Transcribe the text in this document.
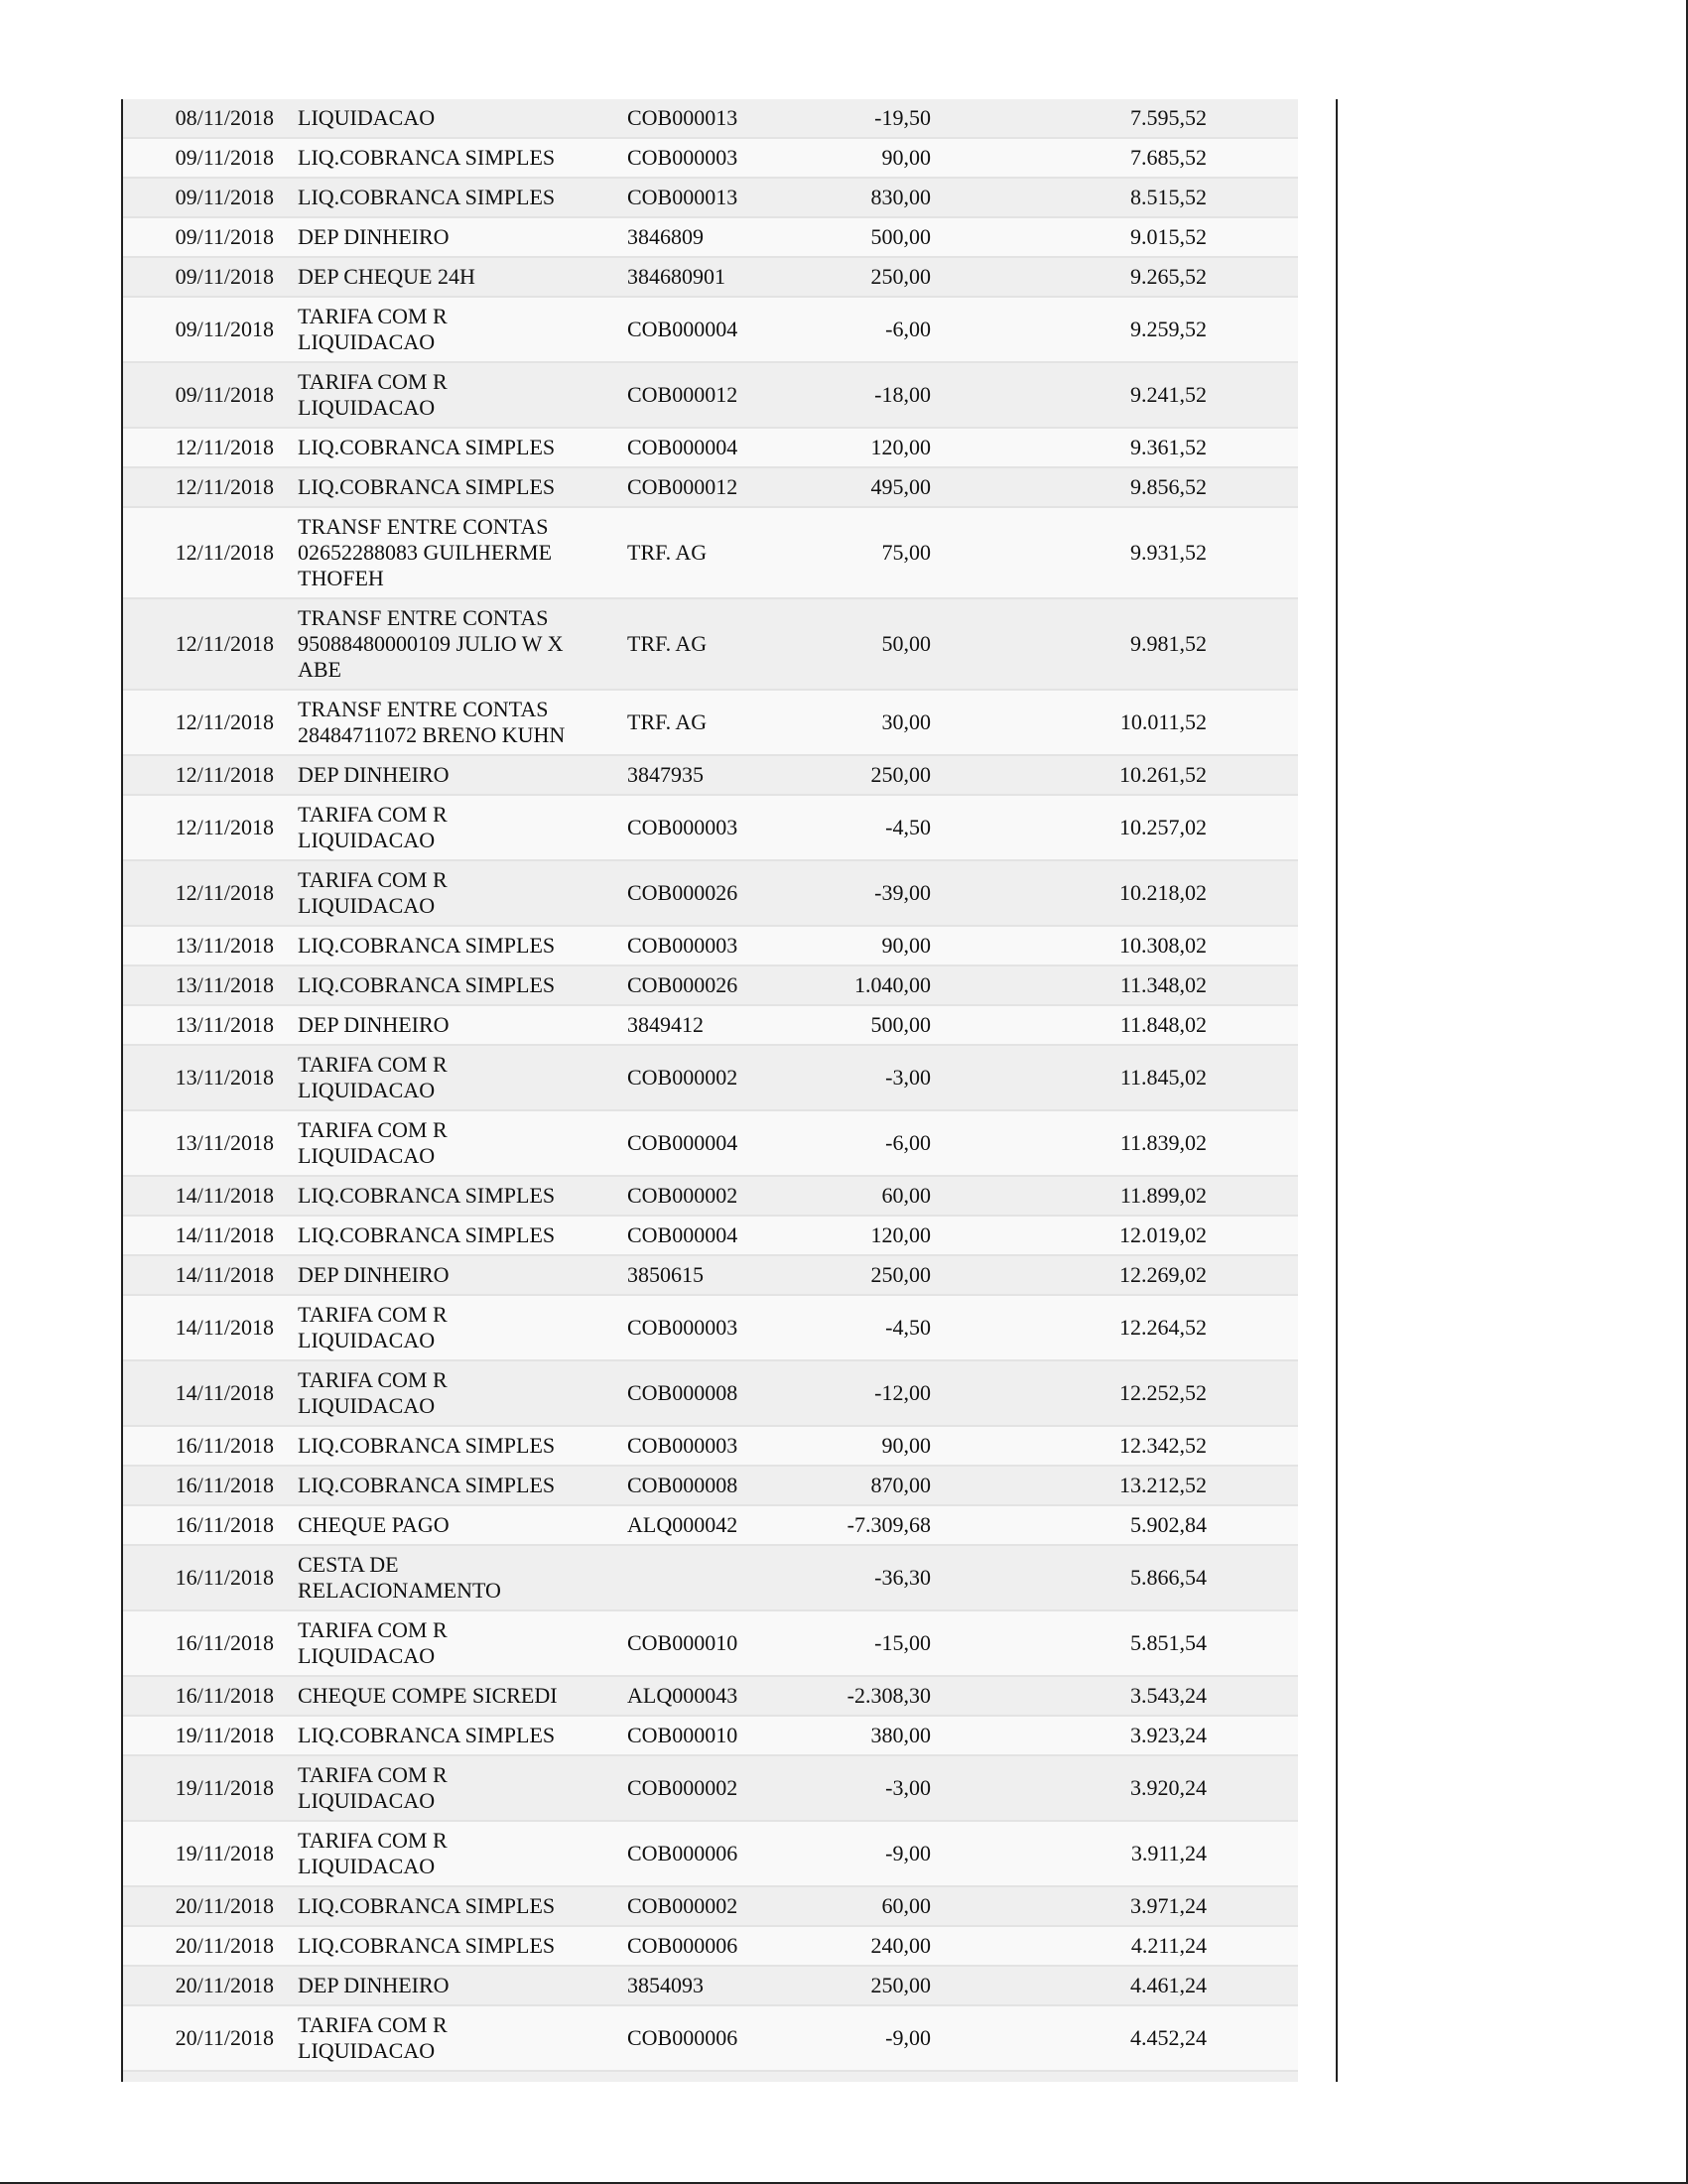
08/11/2018	LIQUIDACAO	COB000013	-19,50	7.595,52
09/11/2018	LIQ.COBRANCA SIMPLES	COB000003	90,00	7.685,52
09/11/2018	LIQ.COBRANCA SIMPLES	COB000013	830,00	8.515,52
09/11/2018	DEP DINHEIRO	3846809	500,00	9.015,52
09/11/2018	DEP CHEQUE 24H	384680901	250,00	9.265,52
09/11/2018	TARIFA COM R
LIQUIDACAO	COB000004	-6,00	9.259,52
09/11/2018	TARIFA COM R
LIQUIDACAO	COB000012	-18,00	9.241,52
12/11/2018	LIQ.COBRANCA SIMPLES	COB000004	120,00	9.361,52
12/11/2018	LIQ.COBRANCA SIMPLES	COB000012	495,00	9.856,52
12/11/2018	TRANSF ENTRE CONTAS
02652288083 GUILHERME
THOFEH	TRF. AG	75,00	9.931,52
12/11/2018	TRANSF ENTRE CONTAS
95088480000109 JULIO W X
ABE	TRF. AG	50,00	9.981,52
12/11/2018	TRANSF ENTRE CONTAS
28484711072 BRENO KUHN	TRF. AG	30,00	10.011,52
12/11/2018	DEP DINHEIRO	3847935	250,00	10.261,52
12/11/2018	TARIFA COM R
LIQUIDACAO	COB000003	-4,50	10.257,02
12/11/2018	TARIFA COM R
LIQUIDACAO	COB000026	-39,00	10.218,02
13/11/2018	LIQ.COBRANCA SIMPLES	COB000003	90,00	10.308,02
13/11/2018	LIQ.COBRANCA SIMPLES	COB000026	1.040,00	11.348,02
13/11/2018	DEP DINHEIRO	3849412	500,00	11.848,02
13/11/2018	TARIFA COM R
LIQUIDACAO	COB000002	-3,00	11.845,02
13/11/2018	TARIFA COM R
LIQUIDACAO	COB000004	-6,00	11.839,02
14/11/2018	LIQ.COBRANCA SIMPLES	COB000002	60,00	11.899,02
14/11/2018	LIQ.COBRANCA SIMPLES	COB000004	120,00	12.019,02
14/11/2018	DEP DINHEIRO	3850615	250,00	12.269,02
14/11/2018	TARIFA COM R
LIQUIDACAO	COB000003	-4,50	12.264,52
14/11/2018	TARIFA COM R
LIQUIDACAO	COB000008	-12,00	12.252,52
16/11/2018	LIQ.COBRANCA SIMPLES	COB000003	90,00	12.342,52
16/11/2018	LIQ.COBRANCA SIMPLES	COB000008	870,00	13.212,52
16/11/2018	CHEQUE PAGO	ALQ000042	-7.309,68	5.902,84
16/11/2018	CESTA DE
RELACIONAMENTO		-36,30	5.866,54
16/11/2018	TARIFA COM R
LIQUIDACAO	COB000010	-15,00	5.851,54
16/11/2018	CHEQUE COMPE SICREDI	ALQ000043	-2.308,30	3.543,24
19/11/2018	LIQ.COBRANCA SIMPLES	COB000010	380,00	3.923,24
19/11/2018	TARIFA COM R
LIQUIDACAO	COB000002	-3,00	3.920,24
19/11/2018	TARIFA COM R
LIQUIDACAO	COB000006	-9,00	3.911,24
20/11/2018	LIQ.COBRANCA SIMPLES	COB000002	60,00	3.971,24
20/11/2018	LIQ.COBRANCA SIMPLES	COB000006	240,00	4.211,24
20/11/2018	DEP DINHEIRO	3854093	250,00	4.461,24
20/11/2018	TARIFA COM R
LIQUIDACAO	COB000006	-9,00	4.452,24
